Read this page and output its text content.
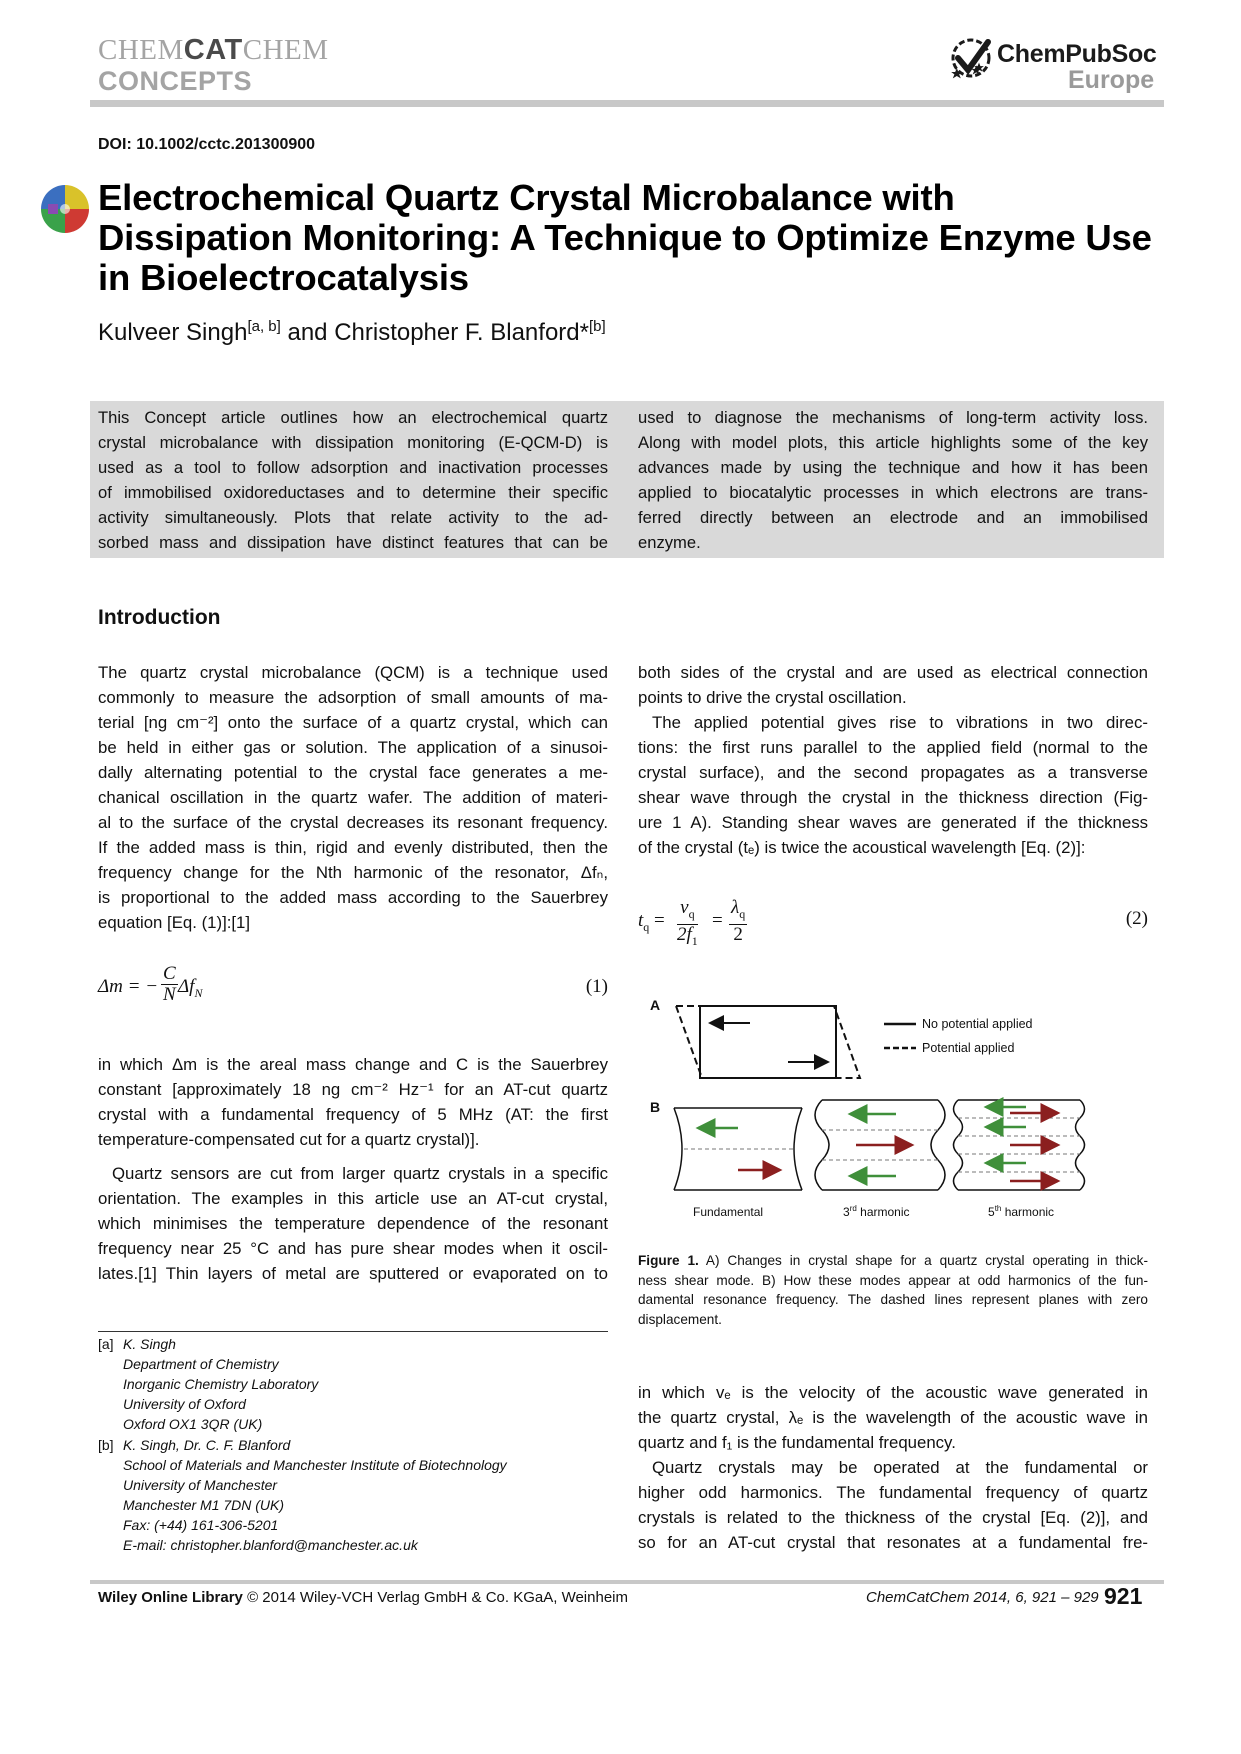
CHEMCATCHEM
CONCEPTS
ChemPubSoc
Europe
DOI: 10.1002/cctc.201300900
Electrochemical Quartz Crystal Microbalance with Dissipation Monitoring: A Technique to Optimize Enzyme Use in Bioelectrocatalysis
Kulveer Singh[a, b] and Christopher F. Blanford*[b]
This Concept article outlines how an electrochemical quartz
crystal microbalance with dissipation monitoring (E-QCM-D) is
used as a tool to follow adsorption and inactivation processes
of immobilised oxidoreductases and to determine their specific
activity simultaneously. Plots that relate activity to the ad-
sorbed mass and dissipation have distinct features that can be
used to diagnose the mechanisms of long-term activity loss.
Along with model plots, this article highlights some of the key
advances made by using the technique and how it has been
applied to biocatalytic processes in which electrons are trans-
ferred directly between an electrode and an immobilised
enzyme.
Introduction

The quartz crystal microbalance (QCM) is a technique used

commonly to measure the adsorption of small amounts of ma-

terial [ng cm⁻²] onto the surface of a quartz crystal, which can

be held in either gas or solution. The application of a sinusoi-

dally alternating potential to the crystal face generates a me-

chanical oscillation in the quartz wafer. The addition of materi-

al to the surface of the crystal decreases its resonant frequency.

If the added mass is thin, rigid and evenly distributed, then the

frequency change for the Nth harmonic of the resonator, Δfₙ,

is proportional to the added mass according to the Sauerbrey

equation [Eq. (1)]:[1]

Δm = − $\frac{C}{N} \Delta f_N$	(1)

in which Δm is the areal mass change and C is the Sauerbrey

constant [approximately 18 ng cm⁻² Hz⁻¹ for an AT-cut quartz

crystal with a fundamental frequency of 5 MHz (AT: the first

temperature-compensated cut for a quartz crystal)].

Quartz sensors are cut from larger quartz crystals in a specific

orientation. The examples in this article use an AT-cut crystal,

which minimises the temperature dependence of the resonant

frequency near 25 °C and has pure shear modes when it oscil-

lates.[1] Thin layers of metal are sputtered or evaporated on to

[a] K. Singh
Department of Chemistry
Inorganic Chemistry Laboratory
University of Oxford
Oxford OX1 3QR (UK)
[b] K. Singh, Dr. C. F. Blanford
School of Materials and Manchester Institute of Biotechnology
University of Manchester
Manchester M1 7DN (UK)
Fax: (+44) 161-306-5201
E-mail: christopher.blanford@manchester.ac.uk

both sides of the crystal and are used as electrical connection

points to drive the crystal oscillation.

The applied potential gives rise to vibrations in two direc-

tions: the first runs parallel to the applied field (normal to the

crystal surface), and the second propagates as a transverse

shear wave through the crystal in the thickness direction (Fig-

ure 1 A). Standing shear waves are generated if the thickness

of the crystal (tₑ) is twice the acoustical wavelength [Eq. (2)]:

$t_q = \frac{\nu_q}{2f_1} = \frac{\lambda_q}{2}$	(2)
A
No potential applied
Potential applied
B
Fundamental	3rd harmonic	5th harmonic
Figure 1. A) Changes in crystal shape for a quartz crystal operating in thick-
ness shear mode. B) How these modes appear at odd harmonics of the fun-
damental resonance frequency. The dashed lines represent planes with zero
displacement.

in which vₑ is the velocity of the acoustic wave generated in

the quartz crystal, λₑ is the wavelength of the acoustic wave in

quartz and f₁ is the fundamental frequency.

Quartz crystals may be operated at the fundamental or

higher odd harmonics. The fundamental frequency of quartz

crystals is related to the thickness of the crystal [Eq. (2)], and

so for an AT-cut crystal that resonates at a fundamental fre-

Wiley Online Library © 2014 Wiley-VCH Verlag GmbH & Co. KGaA, Weinheim	ChemCatChem 2014, 6, 921 – 929 921
